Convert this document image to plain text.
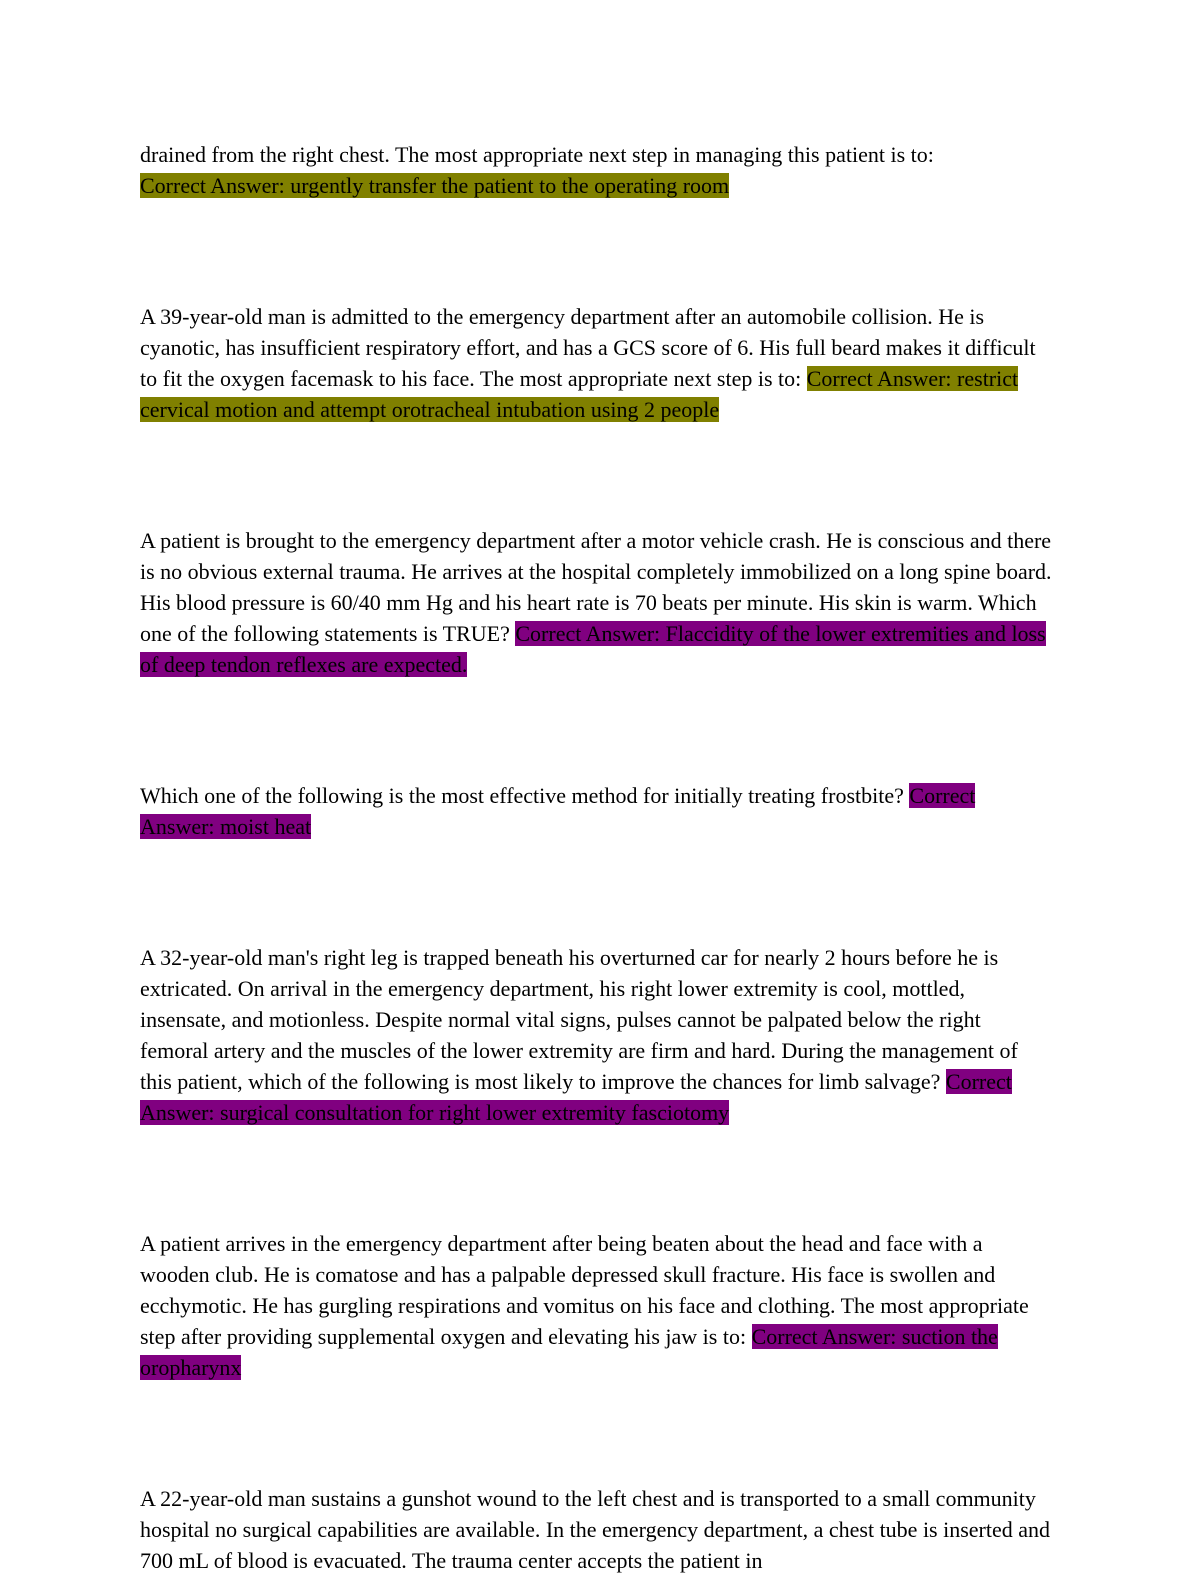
drained from the right chest. The most appropriate next step in managing this patient is to:
Correct Answer: urgently transfer the patient to the operating room

A 39-year-old man is admitted to the emergency department after an automobile collision. He is cyanotic, has insufficient respiratory effort, and has a GCS score of 6. His full beard makes it difficult to fit the oxygen facemask to his face. The most appropriate next step is to: Correct Answer: restrict cervical motion and attempt orotracheal intubation using 2 people

A patient is brought to the emergency department after a motor vehicle crash. He is conscious and there is no obvious external trauma. He arrives at the hospital completely immobilized on a long spine board. His blood pressure is 60/40 mm Hg and his heart rate is 70 beats per minute. His skin is warm. Which one of the following statements is TRUE? Correct Answer: Flaccidity of the lower extremities and loss of deep tendon reflexes are expected.

Which one of the following is the most effective method for initially treating frostbite? Correct Answer: moist heat

A 32-year-old man's right leg is trapped beneath his overturned car for nearly 2 hours before he is extricated. On arrival in the emergency department, his right lower extremity is cool, mottled, insensate, and motionless. Despite normal vital signs, pulses cannot be palpated below the right femoral artery and the muscles of the lower extremity are firm and hard. During the management of this patient, which of the following is most likely to improve the chances for limb salvage? Correct Answer: surgical consultation for right lower extremity fasciotomy

A patient arrives in the emergency department after being beaten about the head and face with a wooden club. He is comatose and has a palpable depressed skull fracture. His face is swollen and ecchymotic. He has gurgling respirations and vomitus on his face and clothing. The most appropriate step after providing supplemental oxygen and elevating his jaw is to: Correct Answer: suction the oropharynx

A 22-year-old man sustains a gunshot wound to the left chest and is transported to a small community hospital no surgical capabilities are available. In the emergency department, a chest tube is inserted and 700 mL of blood is evacuated. The trauma center accepts the patient in
